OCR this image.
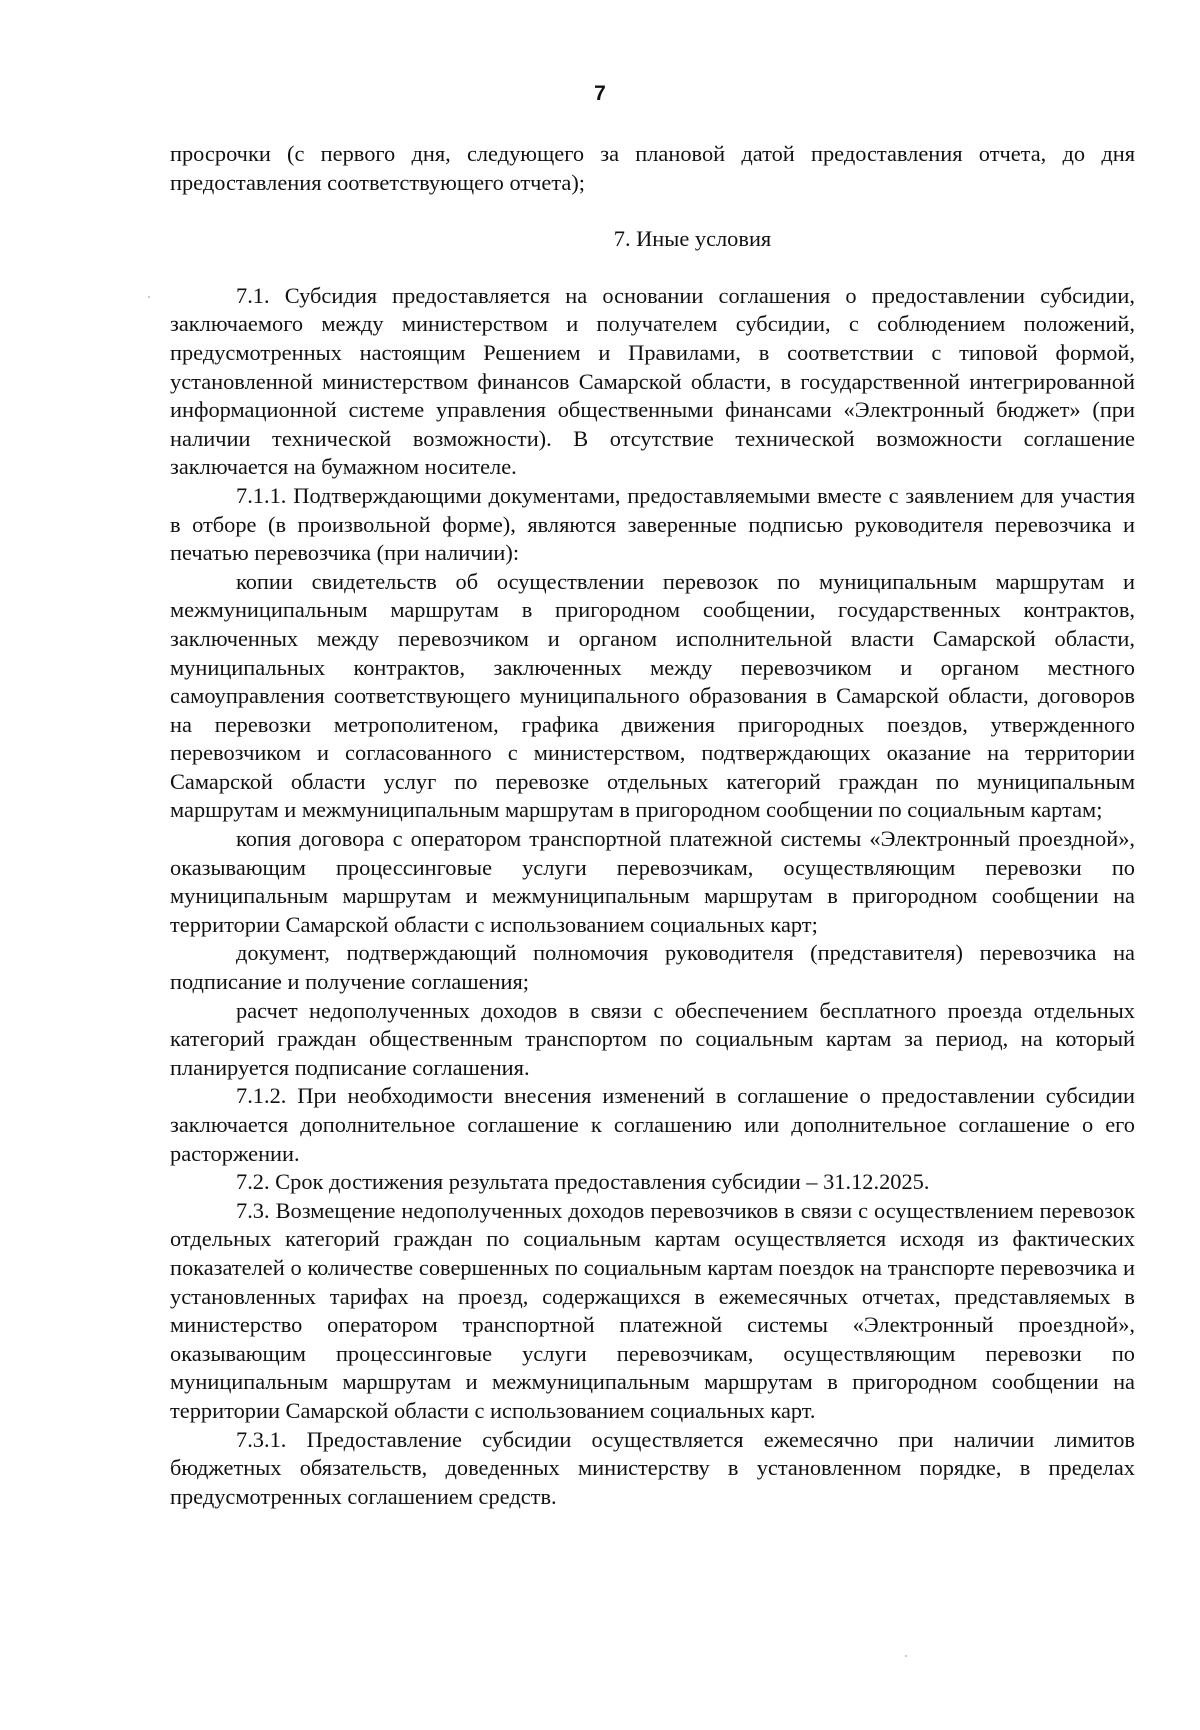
7

просрочки (с первого дня, следующего за плановой датой предоставления отчета, до дня предоставления соответствующего отчета);

7. Иные условия

7.1. Субсидия предоставляется на основании соглашения о предоставлении субсидии, заключаемого между министерством и получателем субсидии, с соблюдением положений, предусмотренных настоящим Решением и Правилами, в соответствии с типовой формой, установленной министерством финансов Самарской области, в государственной интегрированной информационной системе управления общественными финансами «Электронный бюджет» (при наличии технической возможности). В отсутствие технической возможности соглашение заключается на бумажном носителе.

7.1.1. Подтверждающими документами, предоставляемыми вместе с заявлением для участия в отборе (в произвольной форме), являются заверенные подписью руководителя перевозчика и печатью перевозчика (при наличии):

копии свидетельств об осуществлении перевозок по муниципальным маршрутам и межмуниципальным маршрутам в пригородном сообщении, государственных контрактов, заключенных между перевозчиком и органом исполнительной власти Самарской области, муниципальных контрактов, заключенных между перевозчиком и органом местного самоуправления соответствующего муниципального образования в Самарской области, договоров на перевозки метрополитеном, графика движения пригородных поездов, утвержденного перевозчиком и согласованного с министерством, подтверждающих оказание на территории Самарской области услуг по перевозке отдельных категорий граждан по муниципальным маршрутам и межмуниципальным маршрутам в пригородном сообщении по социальным картам;

копия договора с оператором транспортной платежной системы «Электронный проездной», оказывающим процессинговые услуги перевозчикам, осуществляющим перевозки по муниципальным маршрутам и межмуниципальным маршрутам в пригородном сообщении на территории Самарской области с использованием социальных карт;

документ, подтверждающий полномочия руководителя (представителя) перевозчика на подписание и получение соглашения;

расчет недополученных доходов в связи с обеспечением бесплатного проезда отдельных категорий граждан общественным транспортом по социальным картам за период, на который планируется подписание соглашения.

7.1.2. При необходимости внесения изменений в соглашение о предоставлении субсидии заключается дополнительное соглашение к соглашению или дополнительное соглашение о его расторжении.

7.2. Срок достижения результата предоставления субсидии – 31.12.2025.

7.3. Возмещение недополученных доходов перевозчиков в связи с осуществлением перевозок отдельных категорий граждан по социальным картам осуществляется исходя из фактических показателей о количестве совершенных по социальным картам поездок на транспорте перевозчика и установленных тарифах на проезд, содержащихся в ежемесячных отчетах, представляемых в министерство оператором транспортной платежной системы «Электронный проездной», оказывающим процессинговые услуги перевозчикам, осуществляющим перевозки по муниципальным маршрутам и межмуниципальным маршрутам в пригородном сообщении на территории Самарской области с использованием социальных карт.

7.3.1. Предоставление субсидии осуществляется ежемесячно при наличии лимитов бюджетных обязательств, доведенных министерству в установленном порядке, в пределах предусмотренных соглашением средств.
